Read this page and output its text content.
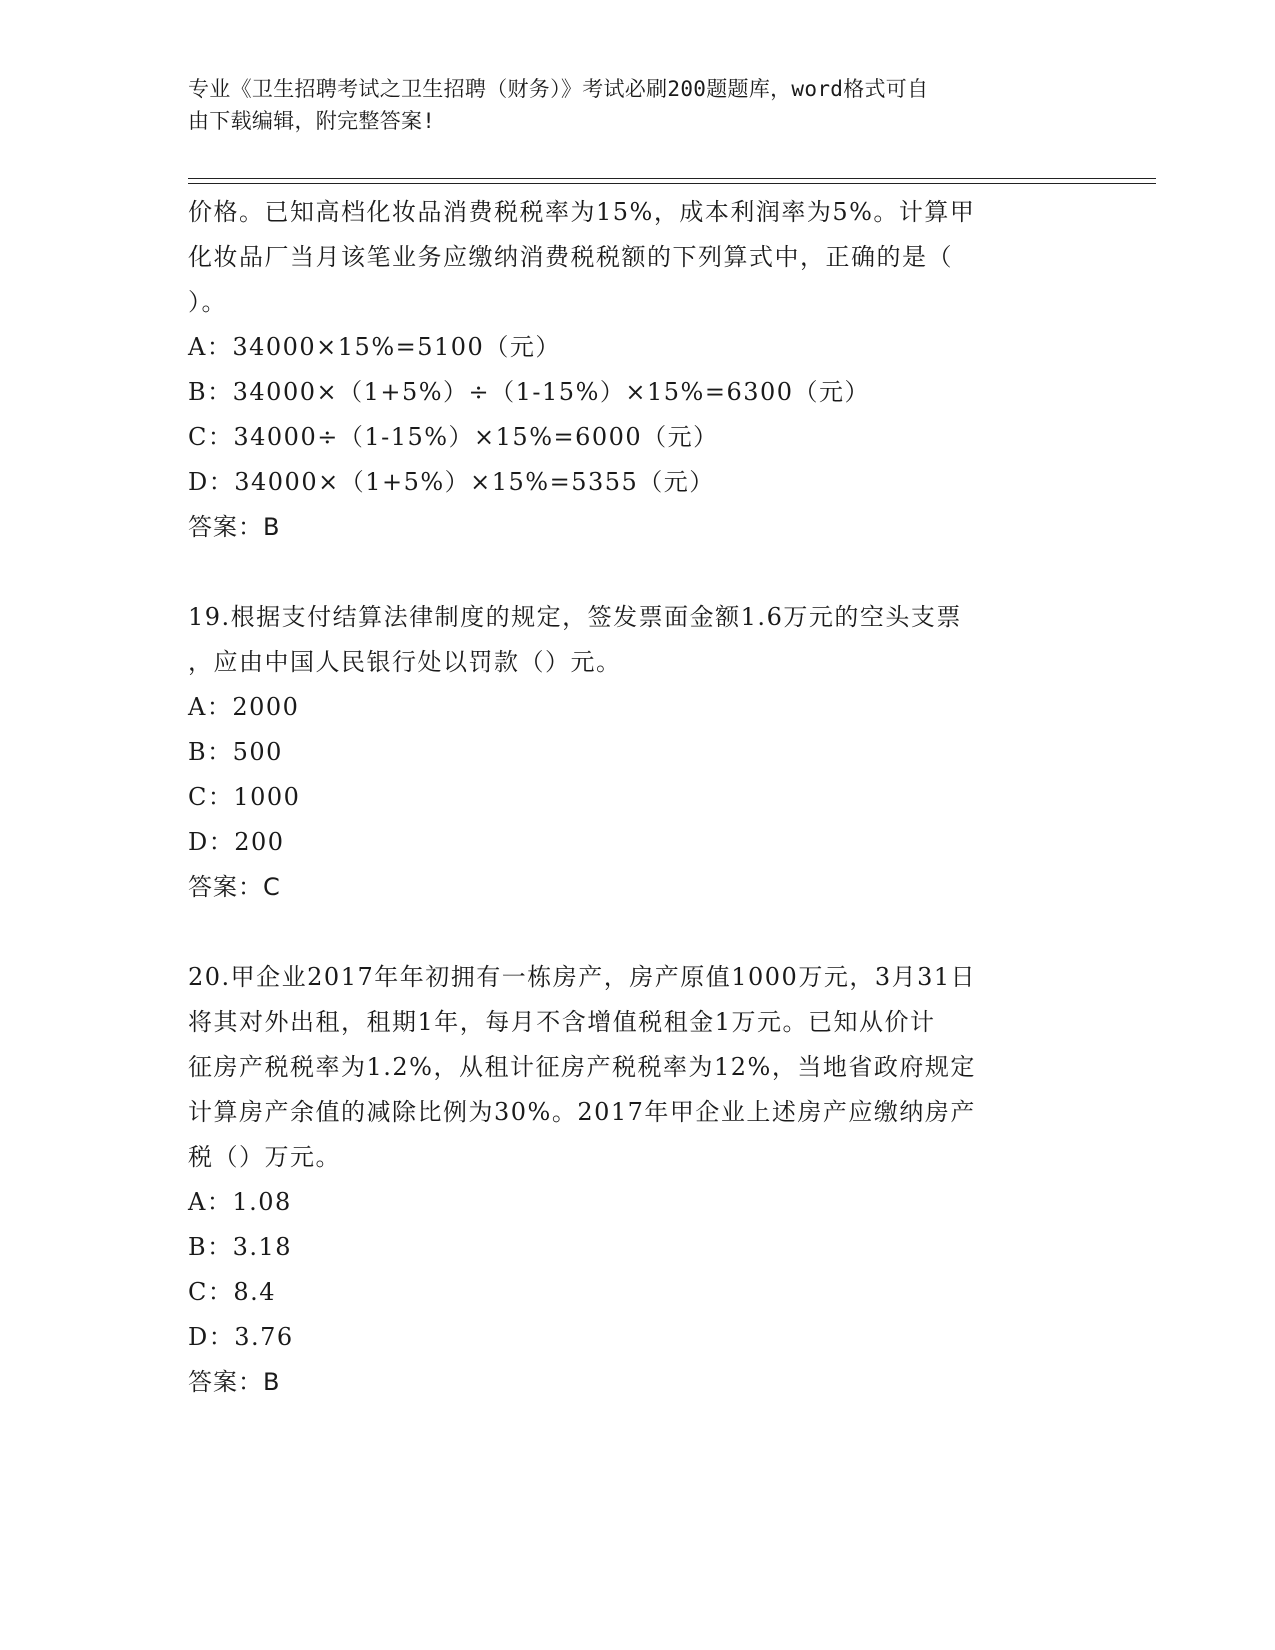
专业《卫生招聘考试之卫生招聘（财务）》考试必刷200题题库，word格式可自
由下载编辑，附完整答案!
价格。已知高档化妆品消费税税率为15%，成本利润率为5%。计算甲
化妆品厂当月该笔业务应缴纳消费税税额的下列算式中，正确的是（
）。
A：34000×15%=5100（元）
B：34000×（1+5%）÷（1-15%）×15%=6300（元）
C：34000÷（1-15%）×15%=6000（元）
D：34000×（1+5%）×15%=5355（元）
答案：B
19.根据支付结算法律制度的规定，签发票面金额1.6万元的空头支票
，应由中国人民银行处以罚款（）元。
A：2000
B：500
C：1000
D：200
答案：C
20.甲企业2017年年初拥有一栋房产，房产原值1000万元，3月31日
将其对外出租，租期1年，每月不含增值税租金1万元。已知从价计
征房产税税率为1.2%，从租计征房产税税率为12%，当地省政府规定
计算房产余值的减除比例为30%。2017年甲企业上述房产应缴纳房产
税（）万元。
A：1.08
B：3.18
C：8.4
D：3.76
答案：B
